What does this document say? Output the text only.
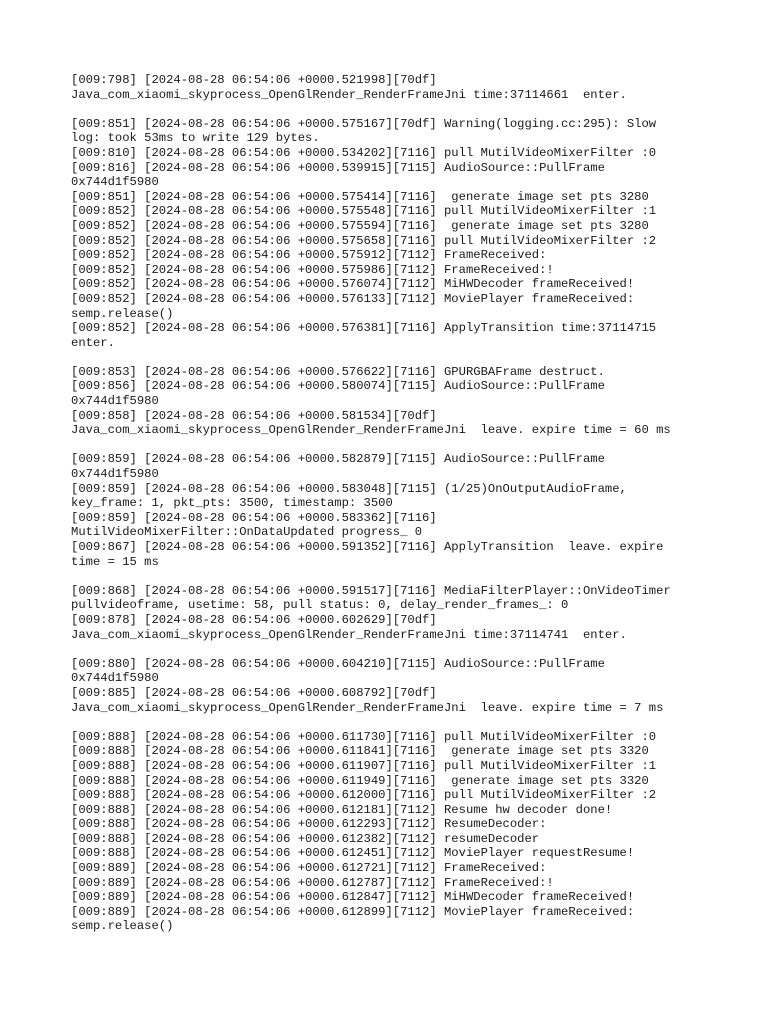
[009:798] [2024-08-28 06:54:06 +0000.521998][70df]
Java_com_xiaomi_skyprocess_OpenGlRender_RenderFrameJni time:37114661  enter.
[009:851] [2024-08-28 06:54:06 +0000.575167][70df] Warning(logging.cc:295): Slow
log: took 53ms to write 129 bytes.
[009:810] [2024-08-28 06:54:06 +0000.534202][7116] pull MutilVideoMixerFilter :0
[009:816] [2024-08-28 06:54:06 +0000.539915][7115] AudioSource::PullFrame
0x744d1f5980
[009:851] [2024-08-28 06:54:06 +0000.575414][7116]  generate image set pts 3280
[009:852] [2024-08-28 06:54:06 +0000.575548][7116] pull MutilVideoMixerFilter :1
[009:852] [2024-08-28 06:54:06 +0000.575594][7116]  generate image set pts 3280
[009:852] [2024-08-28 06:54:06 +0000.575658][7116] pull MutilVideoMixerFilter :2
[009:852] [2024-08-28 06:54:06 +0000.575912][7112] FrameReceived:
[009:852] [2024-08-28 06:54:06 +0000.575986][7112] FrameReceived:!
[009:852] [2024-08-28 06:54:06 +0000.576074][7112] MiHWDecoder frameReceived!
[009:852] [2024-08-28 06:54:06 +0000.576133][7112] MoviePlayer frameReceived:
semp.release()
[009:852] [2024-08-28 06:54:06 +0000.576381][7116] ApplyTransition time:37114715
enter.
[009:853] [2024-08-28 06:54:06 +0000.576622][7116] GPURGBAFrame destruct.
[009:856] [2024-08-28 06:54:06 +0000.580074][7115] AudioSource::PullFrame
0x744d1f5980
[009:858] [2024-08-28 06:54:06 +0000.581534][70df]
Java_com_xiaomi_skyprocess_OpenGlRender_RenderFrameJni  leave. expire time = 60 ms
[009:859] [2024-08-28 06:54:06 +0000.582879][7115] AudioSource::PullFrame
0x744d1f5980
[009:859] [2024-08-28 06:54:06 +0000.583048][7115] (1/25)OnOutputAudioFrame,
key_frame: 1, pkt_pts: 3500, timestamp: 3500
[009:859] [2024-08-28 06:54:06 +0000.583362][7116]
MutilVideoMixerFilter::OnDataUpdated progress_ 0
[009:867] [2024-08-28 06:54:06 +0000.591352][7116] ApplyTransition  leave. expire
time = 15 ms
[009:868] [2024-08-28 06:54:06 +0000.591517][7116] MediaFilterPlayer::OnVideoTimer
pullvideoframe, usetime: 58, pull status: 0, delay_render_frames_: 0
[009:878] [2024-08-28 06:54:06 +0000.602629][70df]
Java_com_xiaomi_skyprocess_OpenGlRender_RenderFrameJni time:37114741  enter.
[009:880] [2024-08-28 06:54:06 +0000.604210][7115] AudioSource::PullFrame
0x744d1f5980
[009:885] [2024-08-28 06:54:06 +0000.608792][70df]
Java_com_xiaomi_skyprocess_OpenGlRender_RenderFrameJni  leave. expire time = 7 ms
[009:888] [2024-08-28 06:54:06 +0000.611730][7116] pull MutilVideoMixerFilter :0
[009:888] [2024-08-28 06:54:06 +0000.611841][7116]  generate image set pts 3320
[009:888] [2024-08-28 06:54:06 +0000.611907][7116] pull MutilVideoMixerFilter :1
[009:888] [2024-08-28 06:54:06 +0000.611949][7116]  generate image set pts 3320
[009:888] [2024-08-28 06:54:06 +0000.612000][7116] pull MutilVideoMixerFilter :2
[009:888] [2024-08-28 06:54:06 +0000.612181][7112] Resume hw decoder done!
[009:888] [2024-08-28 06:54:06 +0000.612293][7112] ResumeDecoder:
[009:888] [2024-08-28 06:54:06 +0000.612382][7112] resumeDecoder
[009:888] [2024-08-28 06:54:06 +0000.612451][7112] MoviePlayer requestResume!
[009:889] [2024-08-28 06:54:06 +0000.612721][7112] FrameReceived:
[009:889] [2024-08-28 06:54:06 +0000.612787][7112] FrameReceived:!
[009:889] [2024-08-28 06:54:06 +0000.612847][7112] MiHWDecoder frameReceived!
[009:889] [2024-08-28 06:54:06 +0000.612899][7112] MoviePlayer frameReceived:
semp.release()
